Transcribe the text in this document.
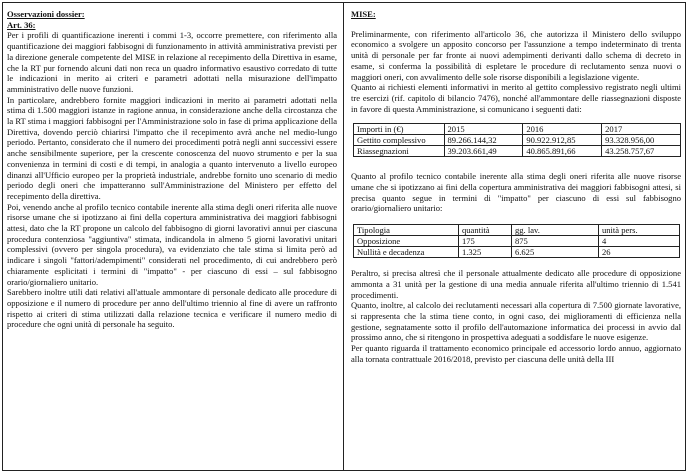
Osservazioni dossier:

Art. 36:

Per i profili di quantificazione inerenti i commi 1-3, occorre premettere, con riferimento alla quantificazione dei maggiori fabbisogni di funzionamento in attività amministrativa previsti per la direzione generale competente del MISE in relazione al recepimento della Direttiva in esame, che la RT pur fornendo alcuni dati non reca un quadro informativo esaustivo corredato di tutte le indicazioni in merito ai criteri e parametri adottati nella misurazione dell'impatto amministrativo delle nuove funzioni.

In particolare, andrebbero fornite maggiori indicazioni in merito ai parametri adottati nella stima di 1.500 maggiori istanze in ragione annua, in considerazione anche della circostanza che la RT stima i maggiori fabbisogni per l'Amministrazione solo in fase di prima applicazione della Direttiva, dovendo perciò chiarirsi l'impatto che il recepimento avrà anche nel medio-lungo periodo. Pertanto, considerato che il numero dei procedimenti potrà negli anni successivi essere anche sensibilmente superiore, per la crescente conoscenza del nuovo strumento e per la sua convenienza in termini di costi e di tempi, in analogia a quanto intervenuto a livello europeo dinanzi all'Ufficio europeo per la proprietà industriale, andrebbe fornito uno scenario di medio periodo degli oneri che impatteranno sull'Amministrazione del Ministero per effetto del recepimento della direttiva.

Poi, venendo anche al profilo tecnico contabile inerente alla stima degli oneri riferita alle nuove risorse umane che si ipotizzano ai fini della copertura amministrativa dei maggiori fabbisogni attesi, dato che la RT propone un calcolo del fabbisogno di giorni lavorativi annui per ciascuna procedura contenziosa "aggiuntiva" stimata, indicandola in almeno 5 giorni lavorativi unitari complessivi (ovvero per singola procedura), va evidenziato che tale stima si limita però ad indicare i singoli "fattori/adempimenti" considerati nel procedimento, di cui andrebbero però chiaramente esplicitati i termini di "impatto" - per ciascuno di essi – sul fabbisogno orario/giornaliero unitario.

Sarebbero inoltre utili dati relativi all'attuale ammontare di personale dedicato alle procedure di opposizione e il numero di procedure per anno dell'ultimo triennio al fine di avere un raffronto rispetto ai criteri di stima utilizzati dalla relazione tecnica e verificare il numero medio di procedure che ogni unità di personale ha seguito.

MISE:

Preliminarmente, con riferimento all'articolo 36, che autorizza il Ministero dello sviluppo economico a svolgere un apposito concorso per l'assunzione a tempo indeterminato di trenta unità di personale per far fronte ai nuovi adempimenti derivanti dallo schema di decreto in esame, si conferma la possibilità di espletare le procedure di reclutamento senza nuovi o maggiori oneri, con avvalimento delle sole risorse disponibili a legislazione vigente.

Quanto ai richiesti elementi informativi in merito al gettito complessivo registrato negli ultimi tre esercizi (rif. capitolo di bilancio 7476), nonché all'ammontare delle riassegnazioni disposte in favore di questa Amministrazione, si comunicano i seguenti dati:

Importi in (€)	2015	2016	2017
Gettito complessivo	89.266.144,32	90.922.912,85	93.328.956,00
Riassegnazioni	39.203.661,49	40.865.891,66	43.258.757,67

Quanto al profilo tecnico contabile inerente alla stima degli oneri riferita alle nuove risorse umane che si ipotizzano ai fini della copertura amministrativa dei maggiori fabbisogni attesi, si precisa quanto segue in termini di "impatto" per ciascuno di essi sul fabbisogno orario/giornaliero unitario:

Tipologia	quantità	gg. lav.	unità pers.
Opposizione	175	875	4
Nullità e decadenza	1.325	6.625	26

Peraltro, si precisa altresì che il personale attualmente dedicato alle procedure di opposizione ammonta a 31 unità per la gestione di una media annuale riferita all'ultimo triennio di 1.541 procedimenti.

Quanto, inoltre, al calcolo dei reclutamenti necessari alla copertura di 7.500 giornate lavorative, si rappresenta che la stima tiene conto, in ogni caso, dei miglioramenti di efficienza nella gestione, segnatamente sotto il profilo dell'automazione informatica dei processi in avvio dal prossimo anno, che si ritengono in prospettiva adeguati a soddisfare le nuove esigenze.

Per quanto riguarda il trattamento economico principale ed accessorio lordo annuo, aggiornato alla tornata contrattuale 2016/2018, previsto per ciascuna delle unità della III
